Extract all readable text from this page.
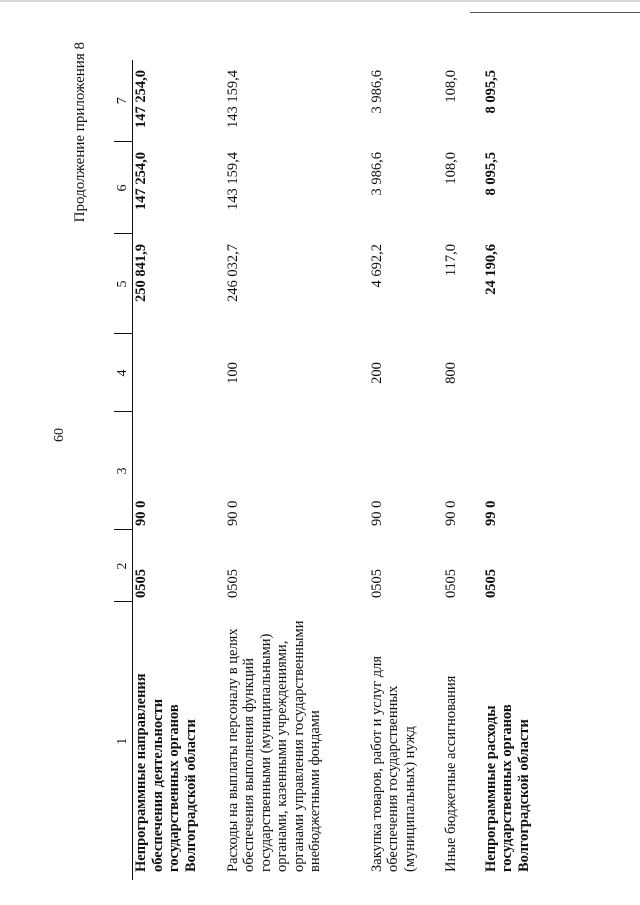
60
Продолжение приложения 8
1	2	3	4	5	6	7
Непрограммные направления обеспечения деятельности государственных органов Волгоградской области	0505	90 0		250 841,9	147 254,0	147 254,0
Расходы на выплаты персоналу в целях обеспечения выполнения функций государственными (муниципальными) органами, казенными учреждениями, органами управления государственными внебюджетными фондами	0505	90 0	100	246 032,7	143 159,4	143 159,4
Закупка товаров, работ и услуг для обеспечения государственных (муниципальных) нужд	0505	90 0	200	4 692,2	3 986,6	3 986,6
Иные бюджетные ассигнования	0505	90 0	800	117,0	108,0	108,0
Непрограммные расходы государственных органов Волгоградской области	0505	99 0		24 190,6	8 095,5	8 095,5
